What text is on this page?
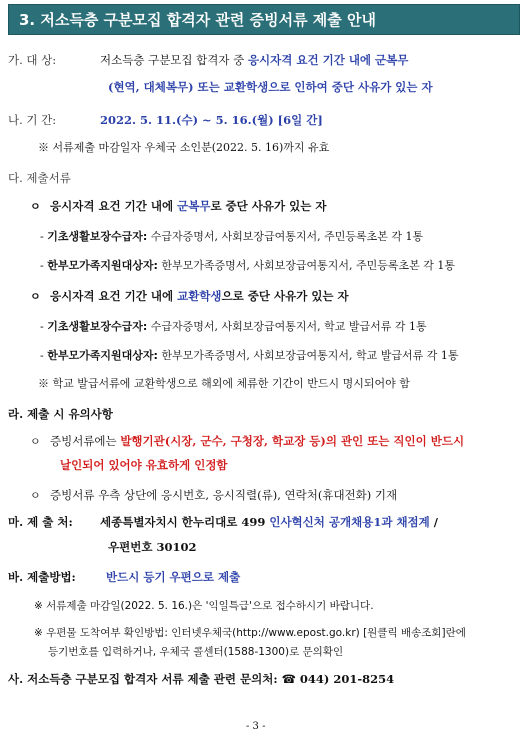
3. 저소득층 구분모집 합격자 관련 증빙서류 제출 안내
가. 대 상:	저소득층 구분모집 합격자 중 응시자격 요건 기간 내에 군복무
(현역, 대체복무) 또는 교환학생으로 인하여 중단 사유가 있는 자
나. 기 간:	2022. 5. 11.(수) ~ 5. 16.(월) [6일 간]
※ 서류제출 마감일자 우체국 소인분(2022. 5. 16)까지 유효
다. 제출서류
ㅇ 응시자격 요건 기간 내에 군복무로 중단 사유가 있는 자
- 기초생활보장수급자: 수급자증명서, 사회보장급여통지서, 주민등록초본 각 1통
- 한부모가족지원대상자: 한부모가족증명서, 사회보장급여통지서, 주민등록초본 각 1통
ㅇ 응시자격 요건 기간 내에 교환학생으로 중단 사유가 있는 자
- 기초생활보장수급자: 수급자증명서, 사회보장급여통지서, 학교 발급서류 각 1통
- 한부모가족지원대상자: 한부모가족증명서, 사회보장급여통지서, 학교 발급서류 각 1통
※ 학교 발급서류에 교환학생으로 해외에 체류한 기간이 반드시 명시되어야 함
라. 제출 시 유의사항
ㅇ 증빙서류에는 발행기관(시장, 군수, 구청장, 학교장 등)의 관인 또는 직인이 반드시
날인되어 있어야 유효하게 인정함
ㅇ 증빙서류 우측 상단에 응시번호, 응시직렬(류), 연락처(휴대전화) 기재
마. 제 출 처: 세종특별자치시 한누리대로 499 인사혁신처 공개채용1과 채점계 /
우편번호 30102
바. 제출방법:	반드시 등기 우편으로 제출
※ 서류제출 마감일(2022. 5. 16.)은 '익일특급'으로 접수하시기 바랍니다.
※ 우편물 도착여부 확인방법: 인터넷우체국(http://www.epost.go.kr) [원클릭 배송조회]란에
등기번호를 입력하거나, 우체국 콜센터(1588-1300)로 문의확인
사. 저소득층 구분모집 합격자 서류 제출 관련 문의처: ☎ 044) 201-8254
- 3 -
